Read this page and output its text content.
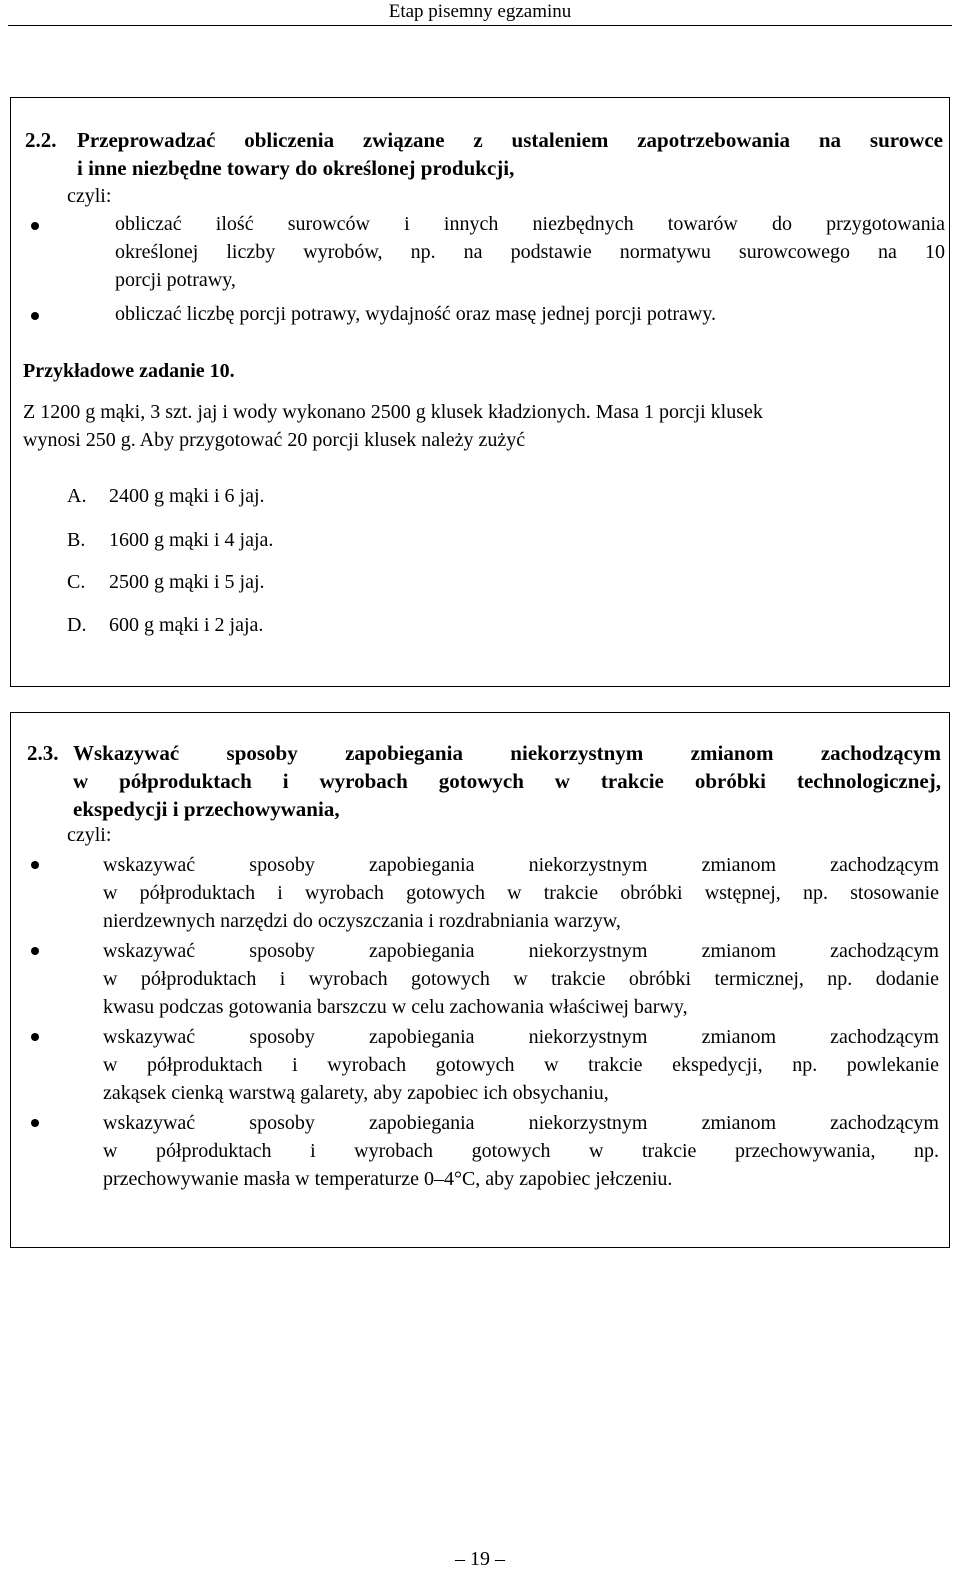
Etap pisemny egzaminu
2.2. Przeprowadzać obliczenia związane z ustaleniem zapotrzebowania na surowce
i inne niezbędne towary do określonej produkcji,
czyli:
obliczać ilość surowców i innych niezbędnych towarów do przygotowania
określonej liczby wyrobów, np. na podstawie normatywu surowcowego na 10
porcji potrawy,
obliczać liczbę porcji potrawy, wydajność oraz masę jednej porcji potrawy.
Przykładowe zadanie 10.
Z 1200 g mąki, 3 szt. jaj i wody wykonano 2500 g klusek kładzionych. Masa 1 porcji klusek
wynosi 250 g. Aby przygotować 20 porcji klusek należy zużyć
A. 2400 g mąki i 6 jaj.
B. 1600 g mąki i 4 jaja.
C. 2500 g mąki i 5 jaj.
D. 600 g mąki i 2 jaja.
2.3. Wskazywać sposoby zapobiegania niekorzystnym zmianom zachodzącym
w półproduktach i wyrobach gotowych w trakcie obróbki technologicznej,
ekspedycji i przechowywania,
czyli:
wskazywać sposoby zapobiegania niekorzystnym zmianom zachodzącym
w półproduktach i wyrobach gotowych w trakcie obróbki wstępnej, np. stosowanie
nierdzewnych narzędzi do oczyszczania i rozdrabniania warzyw,
wskazywać sposoby zapobiegania niekorzystnym zmianom zachodzącym
w półproduktach i wyrobach gotowych w trakcie obróbki termicznej, np. dodanie
kwasu podczas gotowania barszczu w celu zachowania właściwej barwy,
wskazywać sposoby zapobiegania niekorzystnym zmianom zachodzącym
w półproduktach i wyrobach gotowych w trakcie ekspedycji, np. powlekanie
zakąsek cienką warstwą galarety, aby zapobiec ich obsychaniu,
wskazywać sposoby zapobiegania niekorzystnym zmianom zachodzącym
w półproduktach i wyrobach gotowych w trakcie przechowywania, np.
przechowywanie masła w temperaturze 0–4°C, aby zapobiec jełczeniu.
– 19 –
